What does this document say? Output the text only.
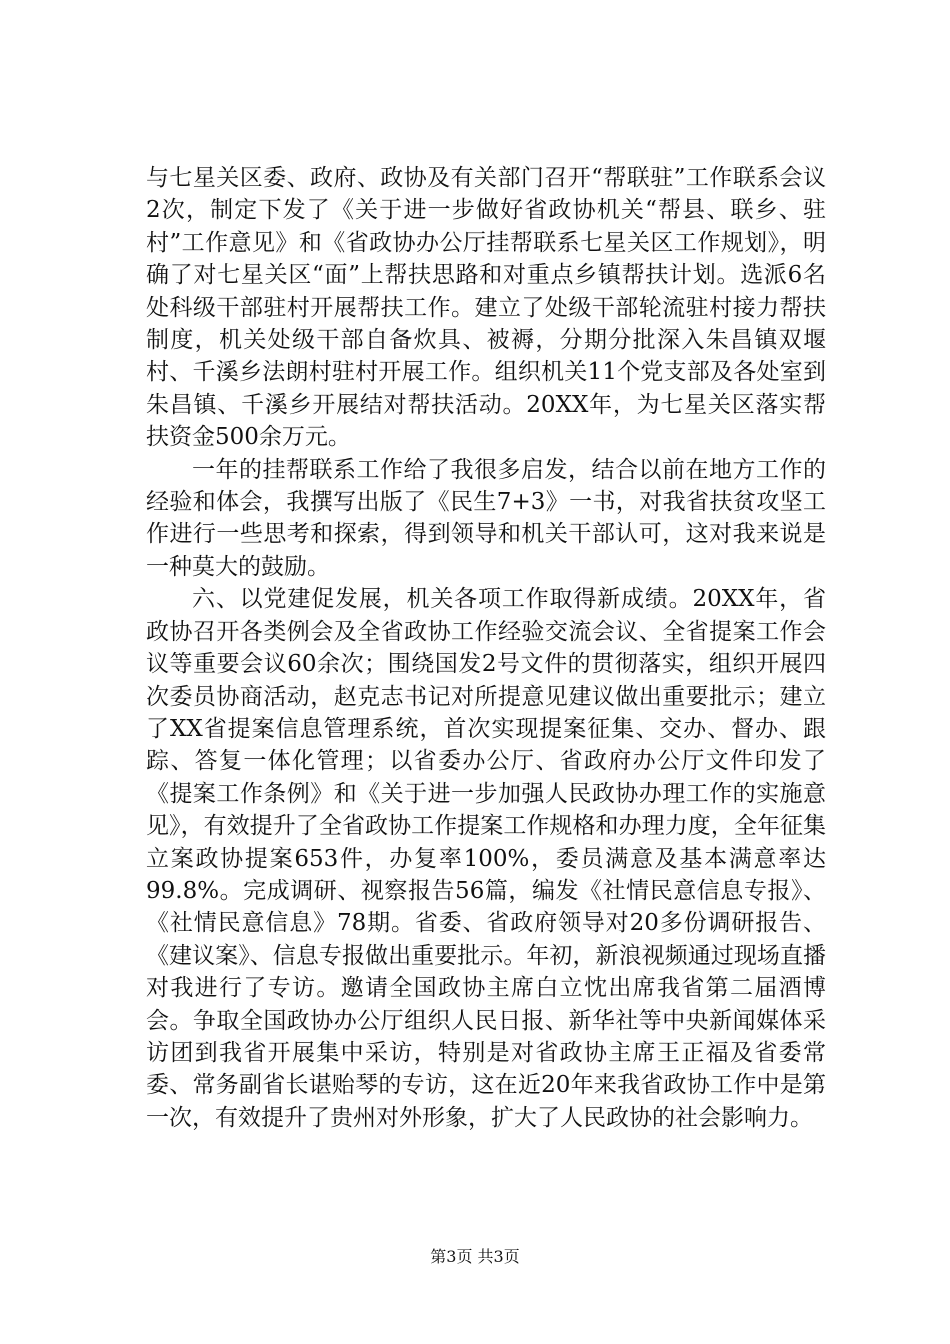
与七星关区委、政府、政协及有关部门召开“帮联驻”工作联系会议2次，制定下发了《关于进一步做好省政协机关“帮县、联乡、驻村”工作意见》和《省政协办公厅挂帮联系七星关区工作规划》，明确了对七星关区“面”上帮扶思路和对重点乡镇帮扶计划。选派6名处科级干部驻村开展帮扶工作。建立了处级干部轮流驻村接力帮扶制度，机关处级干部自备炊具、被褥，分期分批深入朱昌镇双堰村、千溪乡法朗村驻村开展工作。组织机关11个党支部及各处室到朱昌镇、千溪乡开展结对帮扶活动。20XX年，为七星关区落实帮扶资金500余万元。

一年的挂帮联系工作给了我很多启发，结合以前在地方工作的经验和体会，我撰写出版了《民生7+3》一书，对我省扶贫攻坚工作进行一些思考和探索，得到领导和机关干部认可，这对我来说是一种莫大的鼓励。

六、以党建促发展，机关各项工作取得新成绩。20XX年，省政协召开各类例会及全省政协工作经验交流会议、全省提案工作会议等重要会议60余次；围绕国发2号文件的贯彻落实，组织开展四次委员协商活动，赵克志书记对所提意见建议做出重要批示；建立了XX省提案信息管理系统，首次实现提案征集、交办、督办、跟踪、答复一体化管理；以省委办公厅、省政府办公厅文件印发了《提案工作条例》和《关于进一步加强人民政协办理工作的实施意见》，有效提升了全省政协工作提案工作规格和办理力度，全年征集立案政协提案653件，办复率100%，委员满意及基本满意率达99.8%。完成调研、视察报告56篇，编发《社情民意信息专报》、《社情民意信息》78期。省委、省政府领导对20多份调研报告、《建议案》、信息专报做出重要批示。年初，新浪视频通过现场直播对我进行了专访。邀请全国政协主席白立忱出席我省第二届酒博会。争取全国政协办公厅组织人民日报、新华社等中央新闻媒体采访团到我省开展集中采访，特别是对省政协主席王正福及省委常委、常务副省长谌贻琴的专访，这在近20年来我省政协工作中是第一次，有效提升了贵州对外形象，扩大了人民政协的社会影响力。

第3页 共3页
